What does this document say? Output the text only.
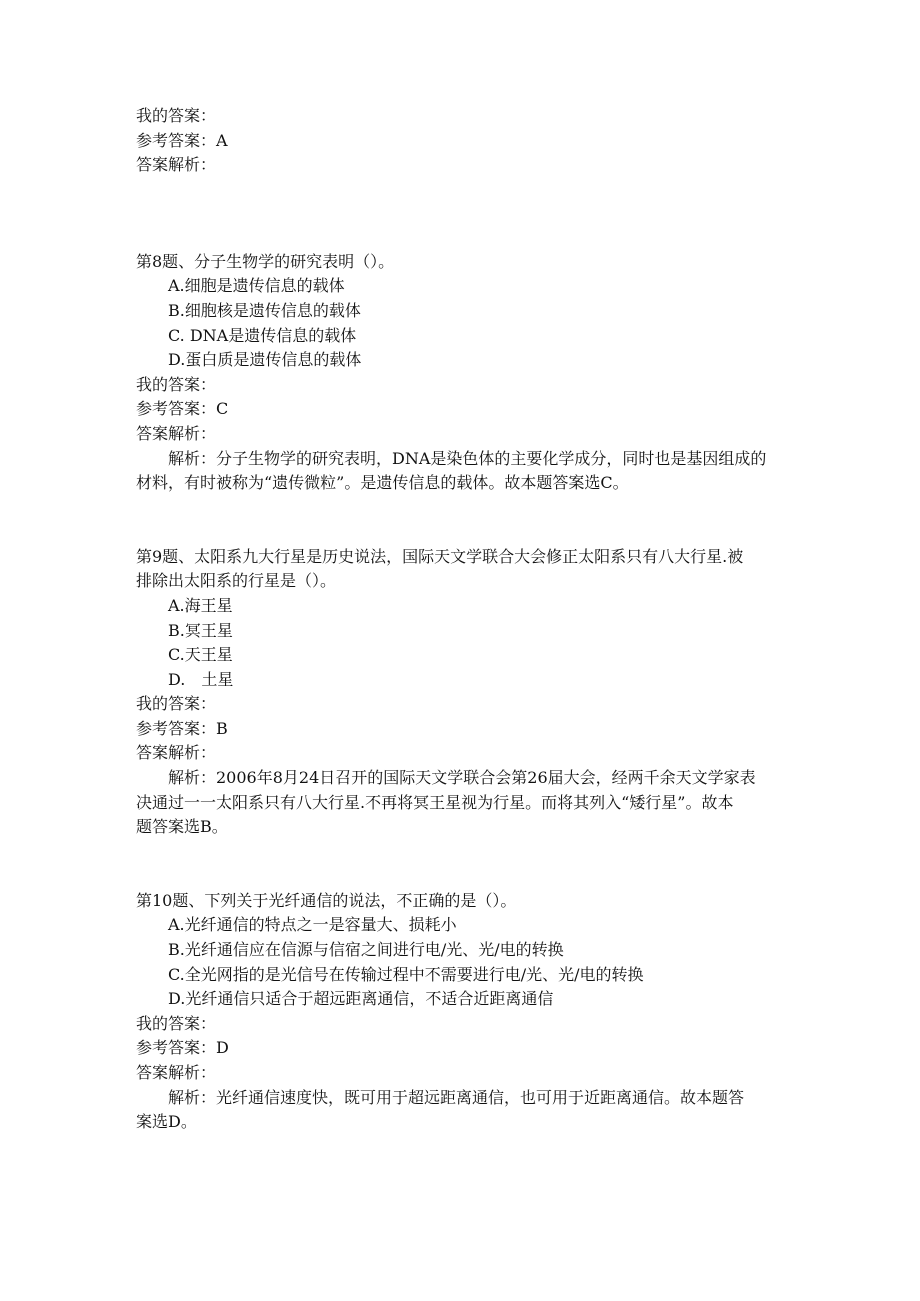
我的答案：
参考答案：A
答案解析：
第8题、分子生物学的研究表明（）。
A.细胞是遗传信息的载体
B.细胞核是遗传信息的载体
C. DNA是遗传信息的载体
D.蛋白质是遗传信息的载体
我的答案：
参考答案：C
答案解析：
解析：分子生物学的研究表明，DNA是染色体的主要化学成分，同时也是基因组成的
材料，有时被称为“遗传微粒”。是遗传信息的载体。故本题答案选C。
第9题、太阳系九大行星是历史说法，国际天文学联合大会修正太阳系只有八大行星.被
排除出太阳系的行星是（）。
A.海王星
B.冥王星
C.天王星
D.　土星
我的答案：
参考答案：B
答案解析：
解析：2006年8月24日召开的国际天文学联合会第26届大会，经两千余天文学家表
决通过一一太阳系只有八大行星.不再将冥王星视为行星。而将其列入“矮行星”。故本
题答案选B。
第10题、下列关于光纤通信的说法，不正确的是（）。
A.光纤通信的特点之一是容量大、损耗小
B.光纤通信应在信源与信宿之间进行电/光、光/电的转换
C.全光网指的是光信号在传输过程中不需要进行电/光、光/电的转换
D.光纤通信只适合于超远距离通信，不适合近距离通信
我的答案：
参考答案：D
答案解析：
解析：光纤通信速度快，既可用于超远距离通信，也可用于近距离通信。故本题答
案选D。
